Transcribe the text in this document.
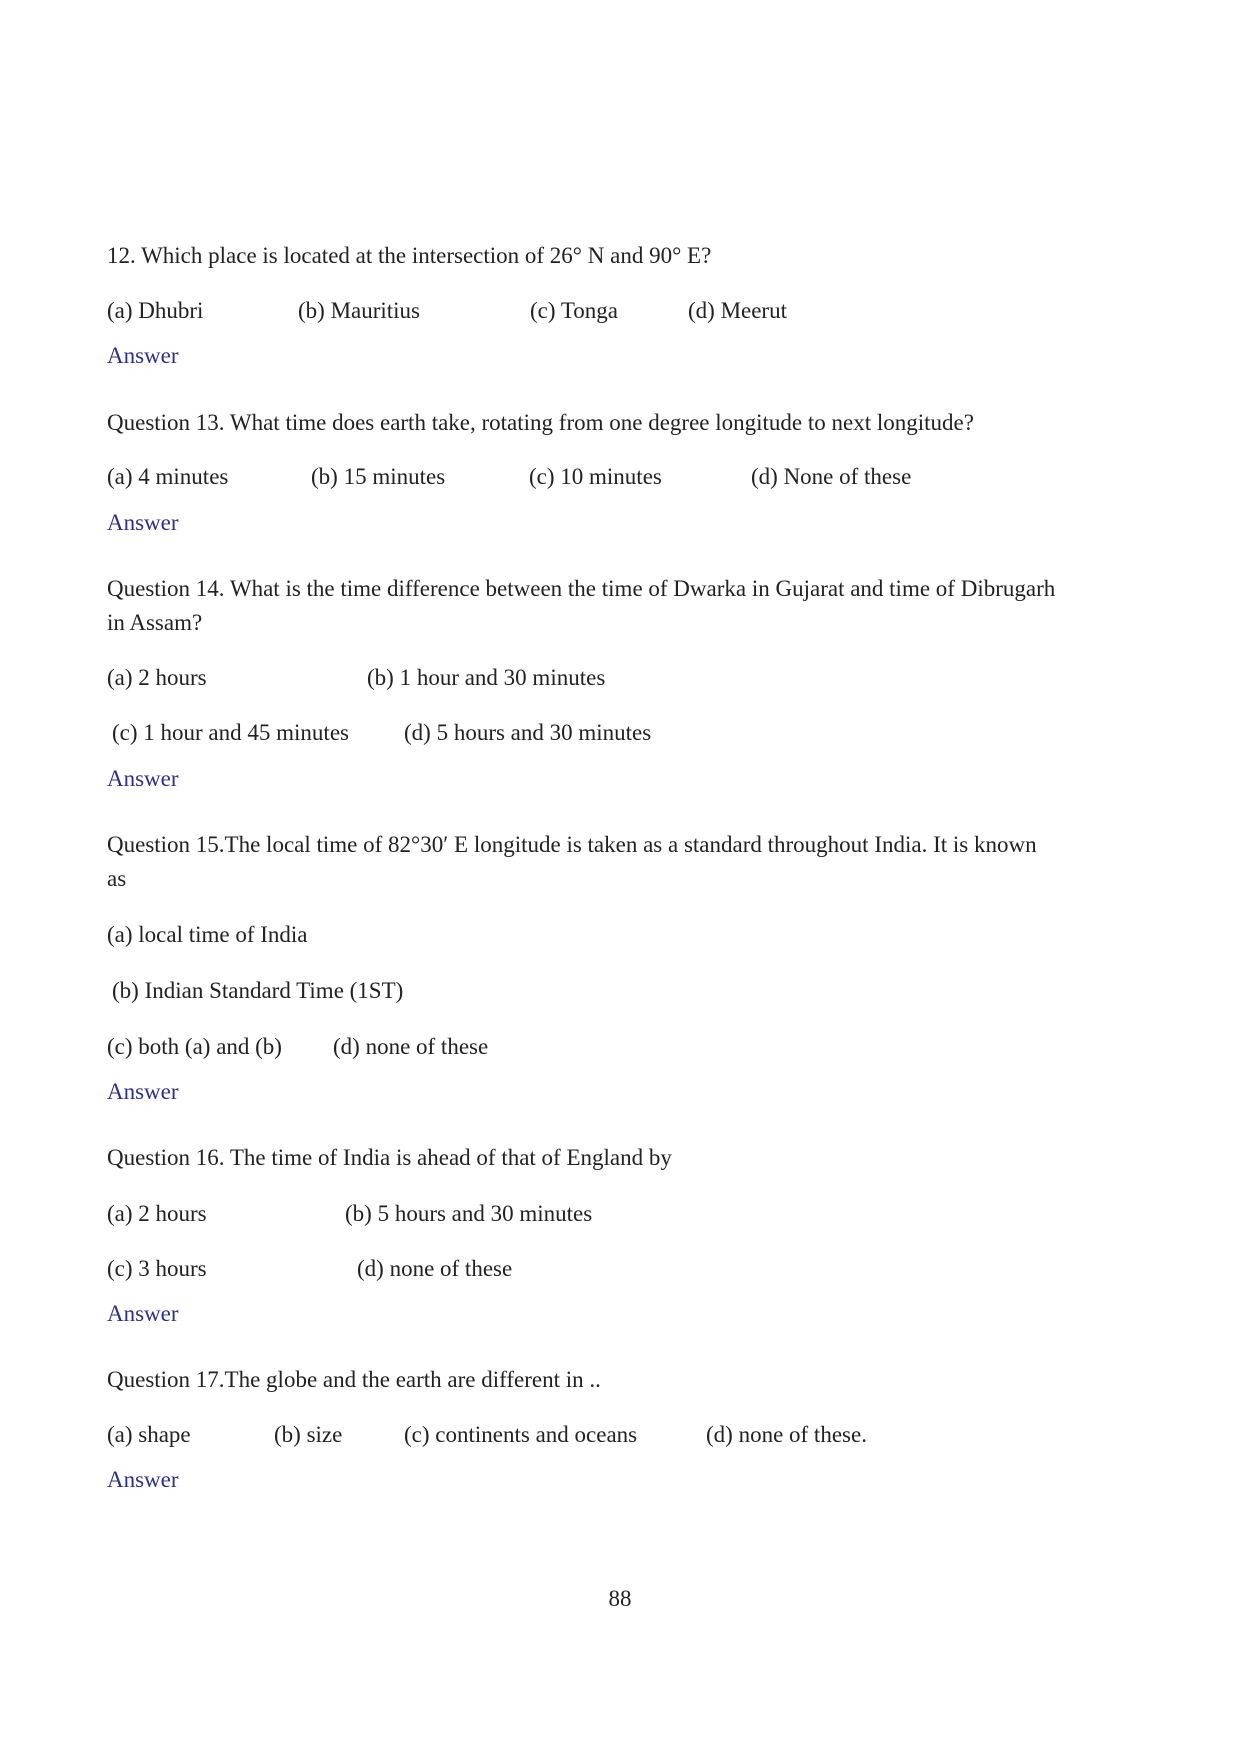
12. Which place is located at the intersection of 26° N and 90° E?
(a) Dhubri	(b) Mauritius	(c) Tonga	(d) Meerut
Answer
Question 13. What time does earth take, rotating from one degree longitude to next longitude?
(a) 4 minutes	(b) 15 minutes	(c) 10 minutes	(d) None of these
Answer
Question 14. What is the time difference between the time of Dwarka in Gujarat and time of Dibrugarh
in Assam?
(a) 2 hours	(b) 1 hour and 30 minutes
(c) 1 hour and 45 minutes (d) 5 hours and 30 minutes
Answer
Question 15.The local time of 82°30′ E longitude is taken as a standard throughout India. It is known
as
(a) local time of India
(b) Indian Standard Time (1ST)
(c) both (a) and (b) (d) none of these
Answer
Question 16. The time of India is ahead of that of England by
(a) 2 hours	(b) 5 hours and 30 minutes
(c) 3 hours	(d) none of these
Answer
Question 17.The globe and the earth are different in ..
(a) shape	(b) size	(c) continents and oceans	(d) none of these.
Answer
88
